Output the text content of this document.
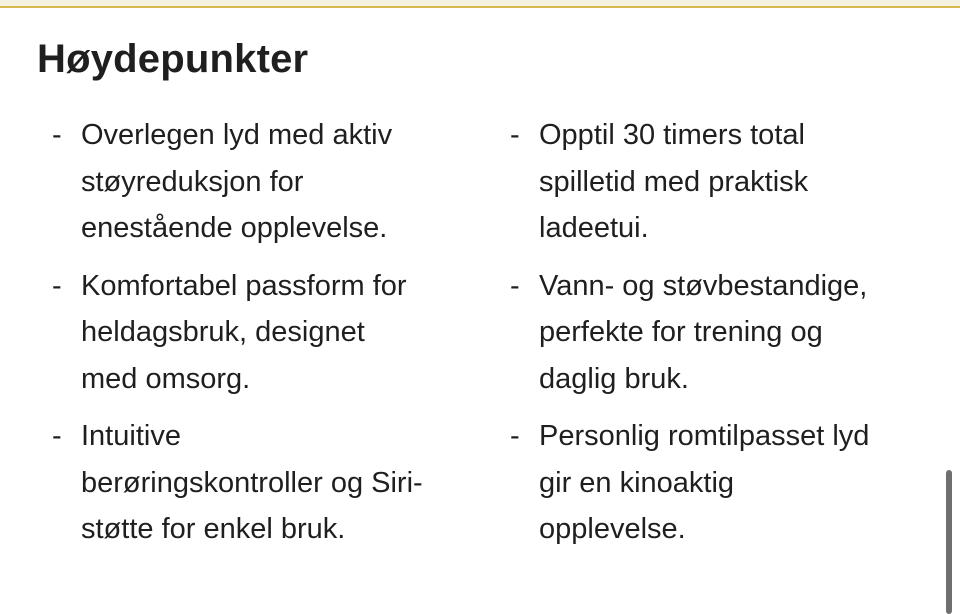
Høydepunkter
- Overlegen lyd med aktiv
støyreduksjon for
enestående opplevelse.
- Komfortabel passform for
heldagsbruk, designet
med omsorg.
- Intuitive
berøringskontroller og Siri-
støtte for enkel bruk.
- Opptil 30 timers total
spilletid med praktisk
ladeetui.
- Vann- og støvbestandige,
perfekte for trening og
daglig bruk.
- Personlig romtilpasset lyd
gir en kinoaktig
opplevelse.
